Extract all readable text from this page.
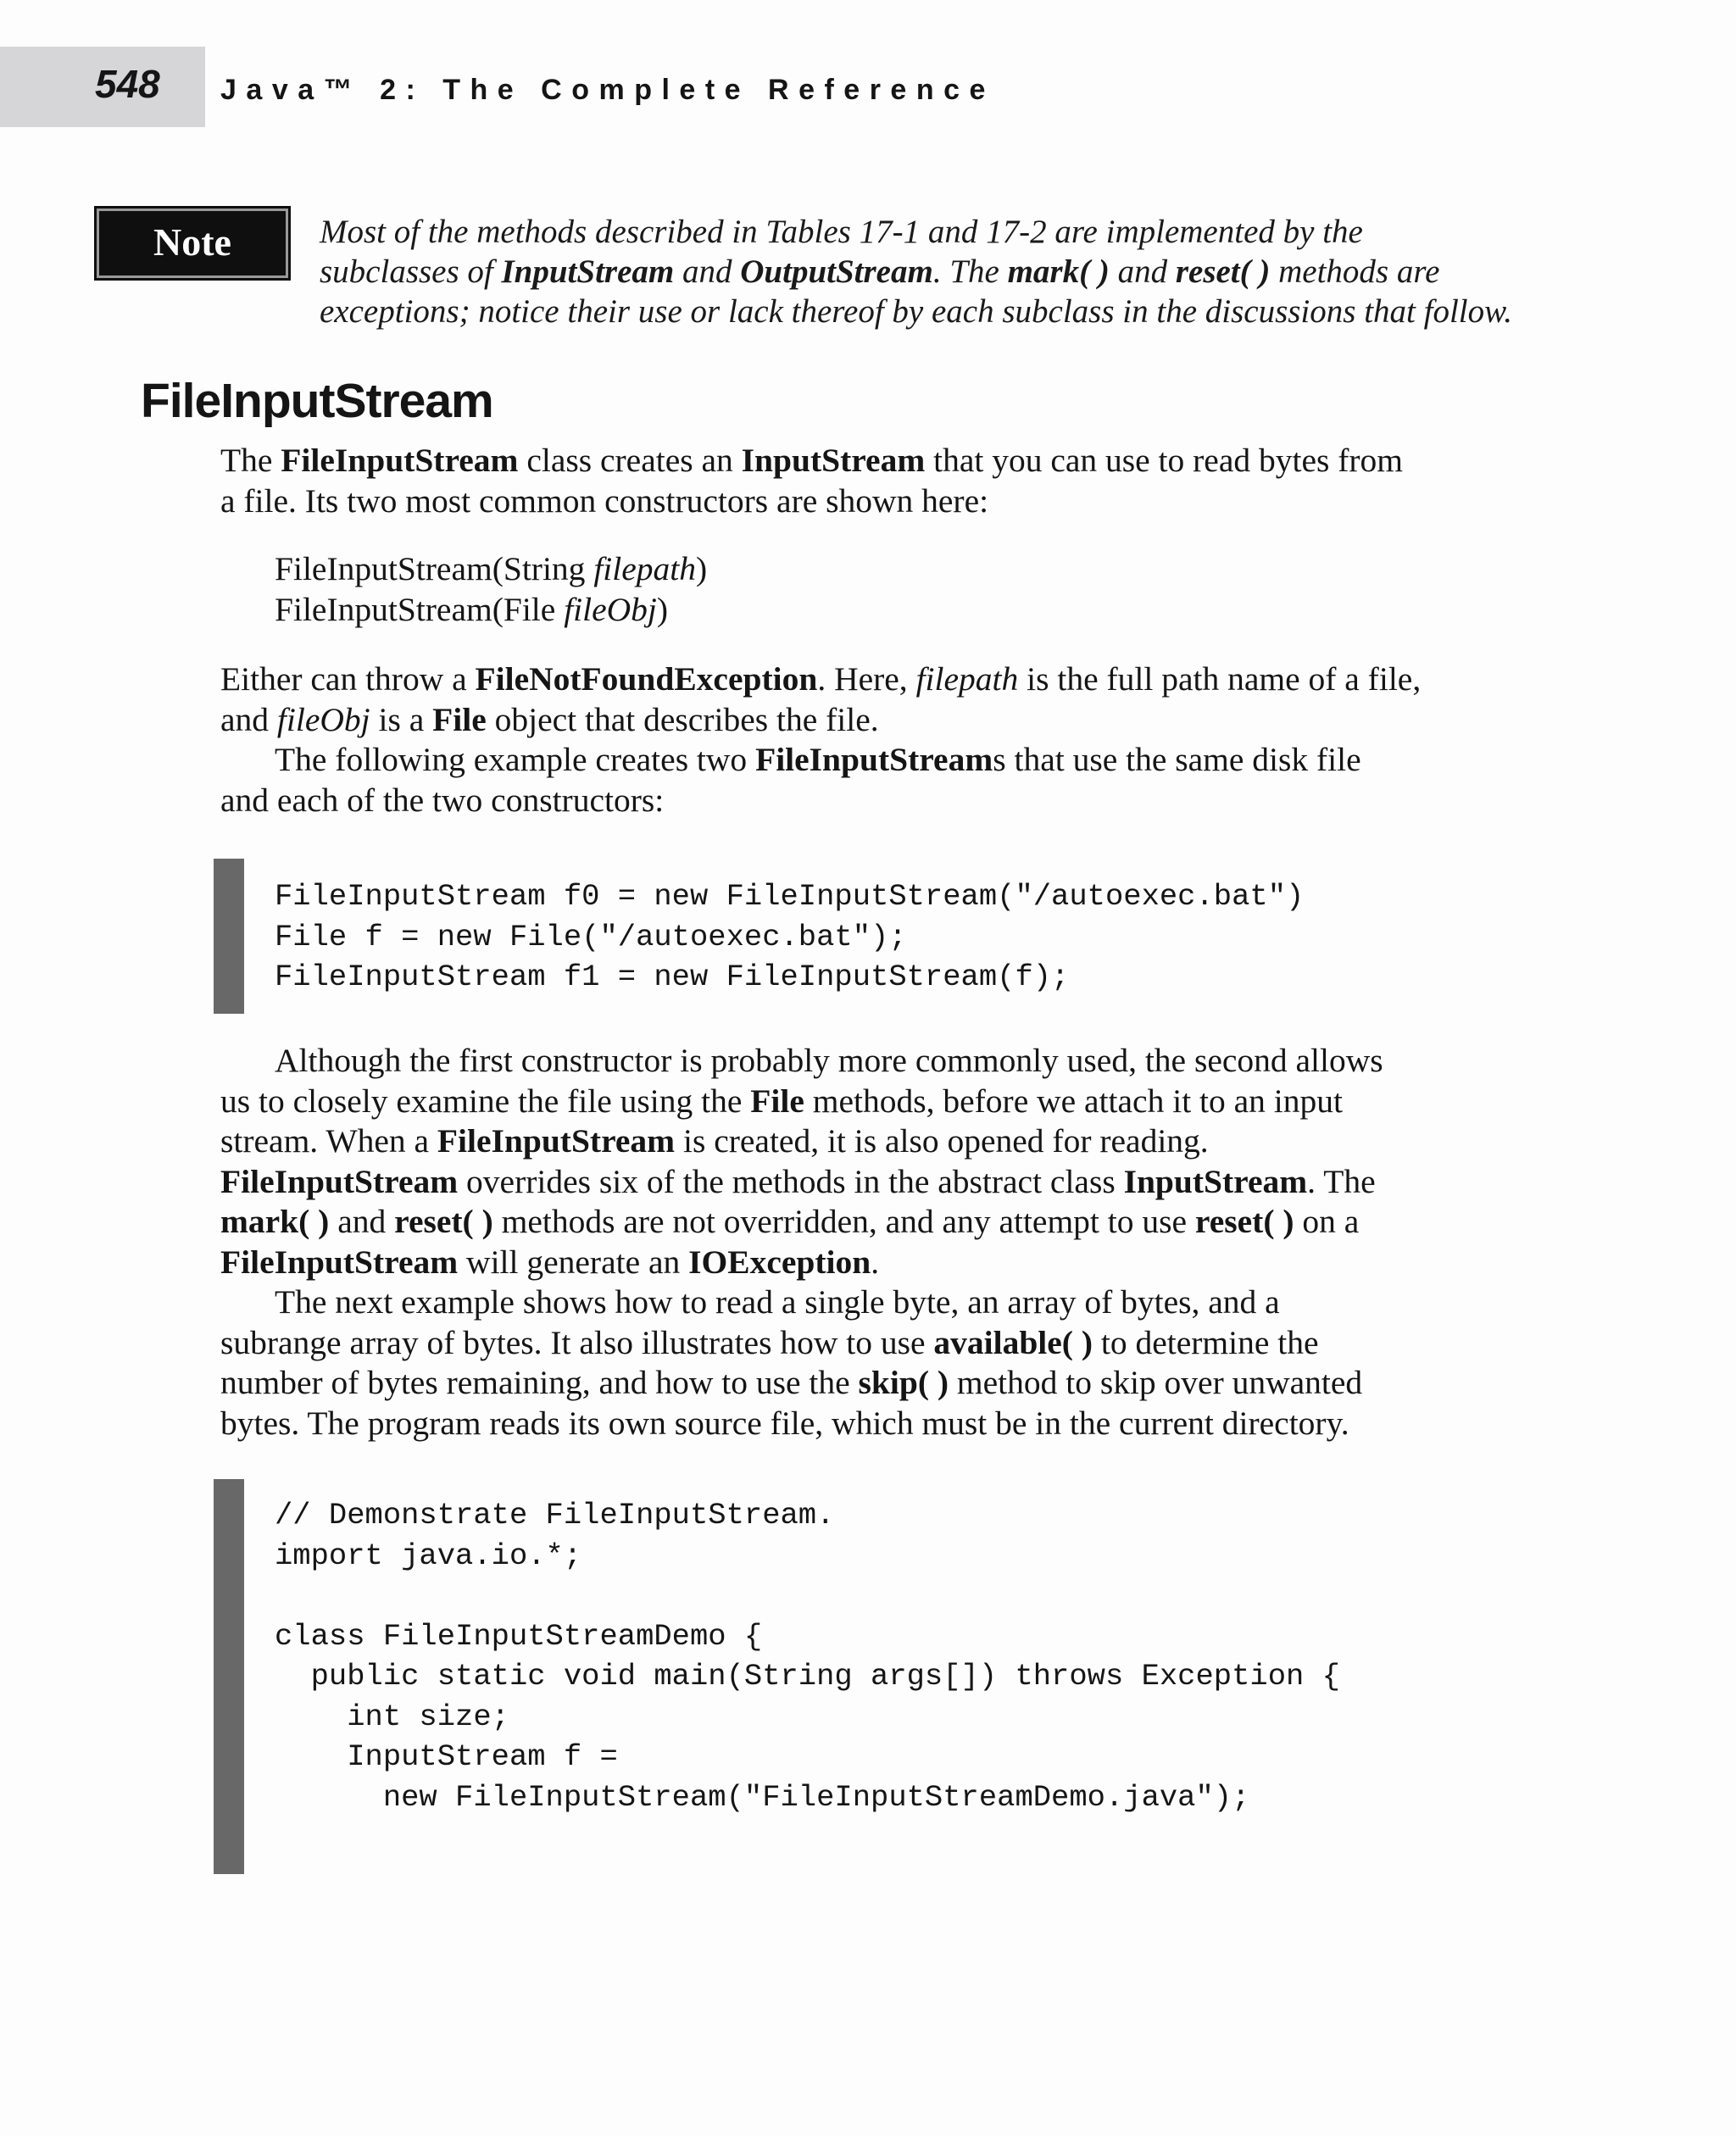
548 Java™ 2: The Complete Reference
Note	Most of the methods described in Tables 17-1 and 17-2 are implemented by the
subclasses of InputStream and OutputStream. The mark( ) and reset( ) methods are
exceptions; notice their use or lack thereof by each subclass in the discussions that follow.
FileInputStream
The FileInputStream class creates an InputStream that you can use to read bytes from
a file. Its two most common constructors are shown here:
FileInputStream(String filepath)
FileInputStream(File fileObj)
Either can throw a FileNotFoundException. Here, filepath is the full path name of a file,
and fileObj is a File object that describes the file.
The following example creates two FileInputStreams that use the same disk file
and each of the two constructors:
FileInputStream f0 = new FileInputStream("/autoexec.bat")
File f = new File("/autoexec.bat");
FileInputStream f1 = new FileInputStream(f);
Although the first constructor is probably more commonly used, the second allows
us to closely examine the file using the File methods, before we attach it to an input
stream. When a FileInputStream is created, it is also opened for reading.
FileInputStream overrides six of the methods in the abstract class InputStream. The
mark( ) and reset( ) methods are not overridden, and any attempt to use reset( ) on a
FileInputStream will generate an IOException.
The next example shows how to read a single byte, an array of bytes, and a
subrange array of bytes. It also illustrates how to use available( ) to determine the
number of bytes remaining, and how to use the skip( ) method to skip over unwanted
bytes. The program reads its own source file, which must be in the current directory.
// Demonstrate FileInputStream.
import java.io.*;
class FileInputStreamDemo {
public static void main(String args[]) throws Exception {
int size;
InputStream f =
new FileInputStream("FileInputStreamDemo.java");
